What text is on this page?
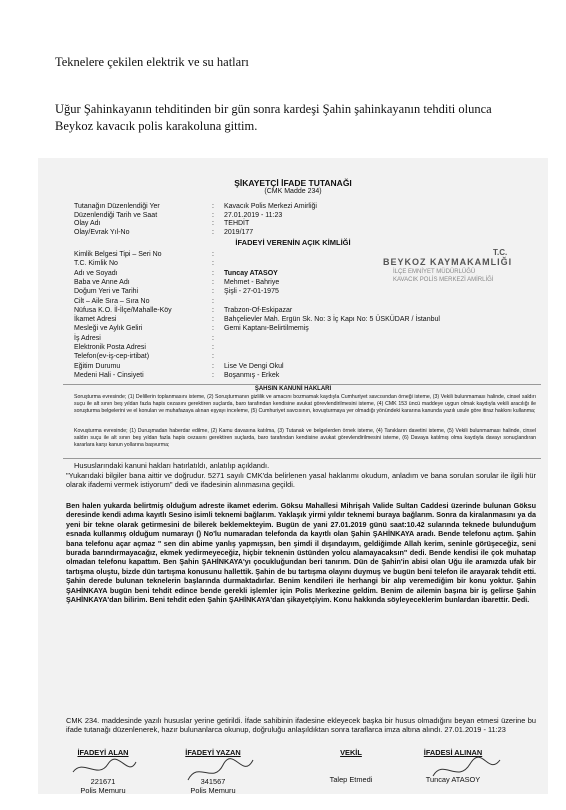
Teknelere çekilen elektrik ve su hatları
Uğur Şahinkayanın tehditinden bir gün sonra kardeşi Şahin şahinkayanın tehditi olunca Beykoz kavacık polis karakoluna gittim.
ŞİKAYETÇİ İFADE TUTANAĞI
(CMK Madde 234)
Tutanağın Düzenlendiği Yer	: Kavacık Polis Merkezi Amirliği
Düzenlendiği Tarih ve Saat	: 27.01.2019 - 11:23
Olay Adı	: TEHDİT
Olay/Evrak Yıl-No	: 2019/177
İFADEYİ VERENİN AÇIK KİMLİĞİ
Kimlik Belgesi Tipi – Seri No	:
T.C. Kimlik No	:
Adı ve Soyadı	: Tuncay ATASOY
Baba ve Anne Adı	: Mehmet - Bahriye
Doğum Yeri ve Tarihi	: Şişli - 27-01-1975
Cilt – Aile Sıra – Sıra No	:
Nüfusa K.O. İl-İlçe/Mahalle-Köy	: Trabzon-Of-Eskipazar
İkamet Adresi	: Bahçelievler Mah. Ergün Sk. No: 3 İç Kapı No: 5 ÜSKÜDAR / İstanbul
Mesleği ve Aylık Geliri	: Gemi Kaptanı-Belirtilmemiş
İş Adresi	:
Elektronik Posta Adresi	:
Telefon(ev-iş-cep-irtibat)	:
Eğitim Durumu	: Lise Ve Dengi Okul
Medeni Hali - Cinsiyeti	: Boşanmış - Erkek
T.C.
BEYKOZ KAYMAKAMLIĞI
İLÇE EMNİYET MÜDÜRLÜĞÜ
KAVACIK POLİS MERKEZİ AMİRLİĞİ
ŞAHSIN KANUNİ HAKLARI
Soruşturma evresinde; (1) Delillerin toplanmasını isteme, (2) Soruşturmanın gizlilik ve amacını bozmamak kaydıyla Cumhuriyet savcısından örneği isteme, (3) Vekili bulunmaması halinde, cinsel saldırı suçu ile alt sınırı beş yıldan fazla hapis cezasını gerektiren suçlarda, baro tarafından kendisine avukat görevlendirilmesini isteme, (4) CMK 153 üncü maddeye uygun olmak kaydıyla vekili aracılığı ile soruşturma belgelerini ve el konulan ve muhafazaya alınan eşyayı inceleme, (5) Cumhuriyet savcısının, kovuşturmaya yer olmadığı yönündeki kararına kanunda yazılı usule göre itiraz hakkını kullanma;
Kovuşturma evresinde; (1) Duruşmadan haberdar edilme, (2) Kamu davasına katılma, (3) Tutanak ve belgelerden örnek isteme, (4) Tanıkların davetini isteme, (5) Vekili bulunmaması halinde, cinsel saldırı suçu ile alt sınırı beş yıldan fazla hapis cezasını gerektiren suçlarda, baro tarafından kendisine avukat görevlendirilmesini isteme, (6) Davaya katılmış olma kaydıyla davayı sonuçlandıran kararlara karşı kanun yollarına başvurma;
Hususlarındaki kanuni hakları hatırlatıldı, anlatılıp açıklandı.
"Yukarıdaki bilgiler bana aittir ve doğrudur. 5271 sayılı CMK'da belirlenen yasal haklarımı okudum, anladım ve bana sorulan sorular ile ilgili hür olarak ifademi vermek istiyorum" dedi ve ifadesinin alınmasına geçildi.
Ben halen yukarda belirtmiş olduğum adreste ikamet ederim. Göksu Mahallesi Mihrişah Valide Sultan Caddesi üzerinde bulunan Göksu deresinde kendi adıma kayıtlı Sesino isimli teknemi bağlarım. Yaklaşık yirmi yıldır teknemi buraya bağlarım. Sonra da kiralanmasını ya da yeni bir tekne olarak getirmesini de bilerek beklemekteyim. Bugün de yani 27.01.2019 günü saat:10.42 sularında teknede bulunduğum esnada kullanmış olduğum numarayı () No'lu numaradan telefonda da kayıtlı olan Şahin ŞAHİNKAYA aradı. Bende telefonu açtım. Şahin bana telefonu açar açmaz " sen din abime yanlış yapmışsın, ben şimdi il dışındayım, geldiğimde Allah kerim, seninle görüşeceğiz, seni burada barındırmayacağız, ekmek yedirmeyeceğiz, hiçbir teknenin üstünden yolcu alamayacaksın" dedi. Bende kendisi ile çok muhatap olmadan telefonu kapattım. Ben Şahin ŞAHİNKAYA'yı çocukluğundan beri tanırım. Dün de Şahin'in abisi olan Uğu ile aramızda ufak bir tartışma oluştu, bizde dün tartışma konusunu hallettik. Şahin de bu tartışma olayını duymuş ve bugün beni telefon ile arayarak tehdit etti. Şahin derede bulunan teknelerin başlarında durmaktadırlar. Benim kendileri ile herhangi bir alıp veremediğim bir konu yoktur. Şahin ŞAHİNKAYA bugün beni tehdit edince bende gerekli işlemler için Polis Merkezine geldim. Benim de ailemin başına bir iş gelirse Şahin ŞAHİNKAYA'dan bilirim. Beni tehdit eden Şahin ŞAHİNKAYA'dan şikayetçiyim. Konu hakkında söyleyeceklerim bunlardan ibarettir. Dedi.
CMK 234. maddesinde yazılı hususlar yerine getirildi. İfade sahibinin ifadesine ekleyecek başka bir husus olmadığını beyan etmesi üzerine bu ifade tutanağı düzenlenerek, hazır bulunanlarca okunup, doğruluğu anlaşıldıktan sonra taraflarca imza altına alındı. 27.01.2019 - 11:23
İFADEYİ ALAN
221671
Polis Memuru
İFADEYİ YAZAN
341567
Polis Memuru
VEKİL

Talep Etmedi
İFADESİ ALINAN

Tuncay ATASOY
